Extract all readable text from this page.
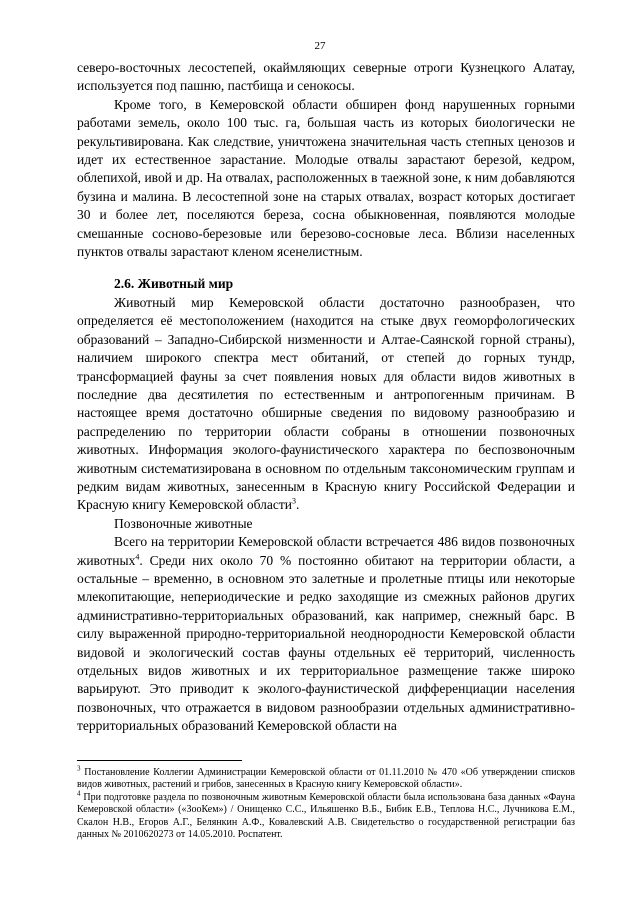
27

северо-восточных лесостепей, окаймляющих северные отроги Кузнецкого Алатау, используется под пашню, пастбища и сенокосы.

Кроме того, в Кемеровской области обширен фонд нарушенных горными работами земель, около 100 тыс. га, большая часть из которых биологически не рекультивирована. Как следствие, уничтожена значительная часть степных ценозов и идет их естественное зарастание. Молодые отвалы зарастают березой, кедром, облепихой, ивой и др. На отвалах, расположенных в таежной зоне, к ним добавляются бузина и малина. В лесостепной зоне на старых отвалах, возраст которых достигает 30 и более лет, поселяются береза, сосна обыкновенная, появляются молодые смешанные сосново-березовые или березово-сосновые леса. Вблизи населенных пунктов отвалы зарастают кленом ясенелистным.

2.6. Животный мир

Животный мир Кемеровской области достаточно разнообразен, что определяется её местоположением (находится на стыке двух геоморфологических образований – Западно-Сибирской низменности и Алтае-Саянской горной страны), наличием широкого спектра мест обитаний, от степей до горных тундр, трансформацией фауны за счет появления новых для области видов животных в последние два десятилетия по естественным и антропогенным причинам. В настоящее время достаточно обширные сведения по видовому разнообразию и распределению по территории области собраны в отношении позвоночных животных. Информация эколого-фаунистического характера по беспозвоночным животным систематизирована в основном по отдельным таксономическим группам и редким видам животных, занесенным в Красную книгу Российской Федерации и Красную книгу Кемеровской области$^3$.

Позвоночные животные

Всего на территории Кемеровской области встречается 486 видов позвоночных животных$^4$. Среди них около 70 % постоянно обитают на территории области, а остальные – временно, в основном это залетные и пролетные птицы или некоторые млекопитающие, непериодические и редко заходящие из смежных районов других административно-территориальных образований, как например, снежный барс. В силу выраженной природно-территориальной неоднородности Кемеровской области видовой и экологический состав фауны отдельных её территорий, численность отдельных видов животных и их территориальное размещение также широко варьируют. Это приводит к эколого-фаунистической дифференциации населения позвоночных, что отражается в видовом разнообразии отдельных административно-территориальных образований Кемеровской области на

$^3$ Постановление Коллегии Администрации Кемеровской области от 01.11.2010 № 470 «Об утверждении списков видов животных, растений и грибов, занесенных в Красную книгу Кемеровской области».

$^4$ При подготовке раздела по позвоночным животным Кемеровской области была использована база данных «Фауна Кемеровской области» («ЗооКем») / Онищенко С.С., Ильяшенко В.Б., Бибик Е.В., Теплова Н.С., Лучникова Е.М., Скалон Н.В., Егоров А.Г., Белянкин А.Ф., Ковалевский А.В. Свидетельство о государственной регистрации баз данных № 2010620273 от 14.05.2010. Роспатент.
